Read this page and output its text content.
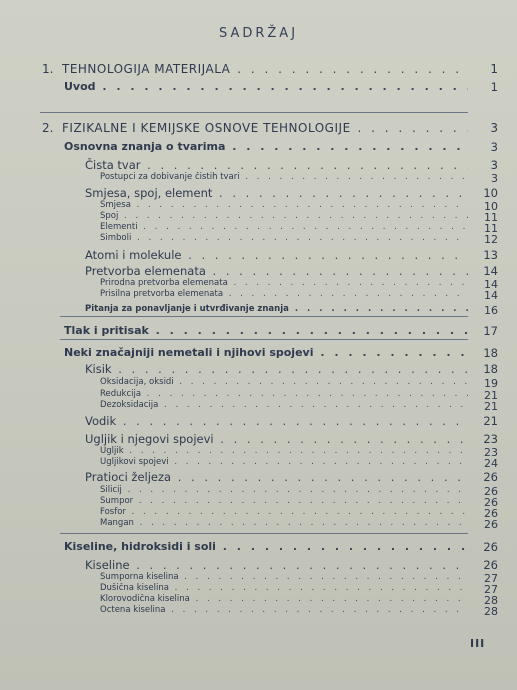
SADRŽAJ
1. TEHNOLOGIJA MATERIJALA . .	1
Uvod . .	1
2. FIZIKALNE I KEMIJSKE OSNOVE TEHNOLOGIJE . .	3
Osnovna znanja o tvarima . .	3
Čista tvar . .	3
Postupci za dobivanje čistih tvari . .	3
Smjesa, spoj, element . .	10
Smjesa . .	10
Spoj . .	11
Elementi . .	11
Simboli . .	12
Atomi i molekule . .	13
Pretvorba elemenata . .	14
Prirodna pretvorba elemenata . .	14
Prisilna pretvorba elemenata . .	14
Pitanja za ponavljanje i utvrđivanje znanja . .	16
Tlak i pritisak . .	17
Neki značajniji nemetali i njihovi spojevi . .	18
Kisik . .	18
Oksidacija, oksidi . .	19
Redukcija . .	21
Dezoksidacija . .	21
Vodik . .	21
Ugljik i njegovi spojevi . .	23
Ugljik . .	23
Ugljikovi spojevi . .	24
Pratioci željeza . .	26
Silicij . .	26
Sumpor . .	26
Fosfor . .	26
Mangan . .	26
Kiseline, hidroksidi i soli . .	26
Kiseline . .	26
Sumporna kiselina . .	27
Dušična kiselina . .	27
Klorovodična kiselina . .	28
Octena kiselina . .	28
III
